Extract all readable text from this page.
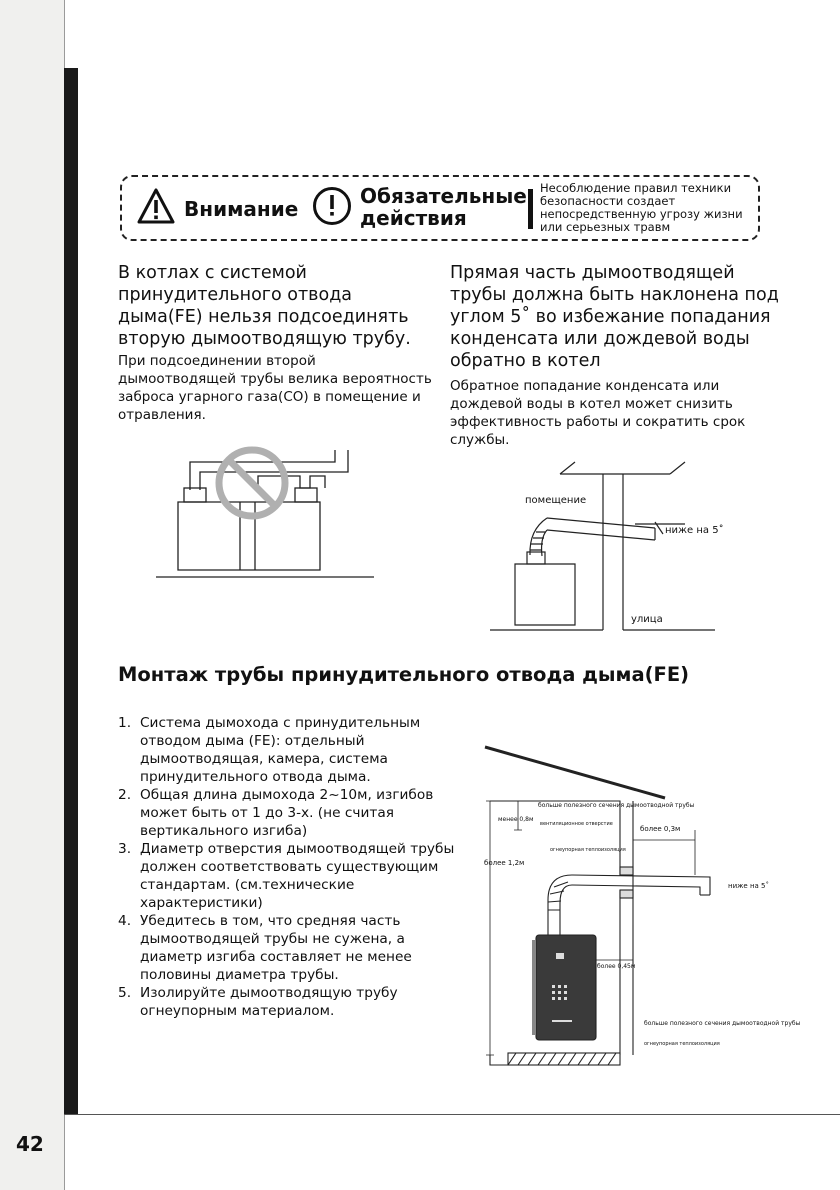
42
Внимание
Обязательные действия
Несоблюдение правил техники безопасности создает непосредственную угрозу жизни или серьезных травм
В котлах с системой принудительного отвода дыма(FE) нельзя подсоединять вторую дымоотводящую трубу.
При подсоединении второй дымоотводящей трубы велика вероятность заброса угарного газа(CO) в помещение и отравления.
Прямая часть дымоотводящей трубы должна быть наклонена под углом 5˚ во избежание попадания конденсата или дождевой воды обратно в котел
Обратное попадание конденсата или дождевой воды в котел может снизить эффективность работы и сократить срок службы.
помещение
ниже на 5˚
улица
Монтаж трубы принудительного отвода дыма(FE)
1. Система дымохода с принудительным отводом дыма (FE): отдельный дымоотводящая, камера, система принудительного отвода дыма.
2. Общая длина дымохода 2~10м, изгибов может быть от 1 до 3-х. (не считая вертикального изгиба)
3. Диаметр отверстия дымоотводящей трубы должен соответствовать существующим стандартам. (см.технические характеристики)
4. Убедитесь в том, что средняя часть дымоотводящей трубы не сужена, а диаметр изгиба составляет не менее половины диаметра трубы.
5. Изолируйте дымоотводящую трубу огнеупорным материалом.
больше полезного сечения дымоотводной трубы
вентиляционное отверстие
менее 0,8м
более 0,3м
огнеупорная теплоизоляция
более 1,2м
ниже на 5˚
более 0,45м
больше полезного сечения дымоотводной трубы
огнеупорная теплоизоляция
